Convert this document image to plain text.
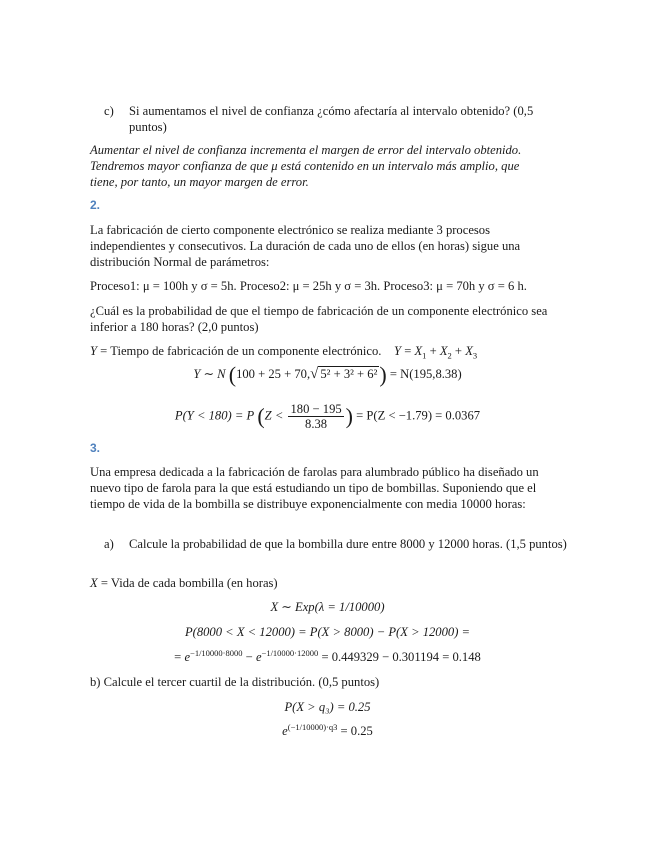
c) Si aumentamos el nivel de confianza ¿cómo afectaría al intervalo obtenido? (0,5 puntos)
Aumentar el nivel de confianza incrementa el margen de error del intervalo obtenido.
Tendremos mayor confianza de que μ está contenido en un intervalo más amplio, que
tiene, por tanto, un mayor margen de error.
2.
La fabricación de cierto componente electrónico se realiza mediante 3 procesos independientes y consecutivos. La duración de cada uno de ellos (en horas) sigue una distribución Normal de parámetros:
Proceso1: μ = 100h y σ = 5h. Proceso2: μ = 25h y σ = 3h. Proceso3: μ = 70h y σ = 6 h.
¿Cuál es la probabilidad de que el tiempo de fabricación de un componente electrónico sea inferior a 180 horas? (2,0 puntos)
Y = Tiempo de fabricación de un componente electrónico. $Y = X_1 + X_2 + X_3$
Y ∼ N (100 + 25 + 70,√ 5² + 3² + 6²) = N(195,8.38)
P(Y < 180) = P ($Z < \frac{180 - 195}{8.38}$ ) = P(Z < −1.79) = 0.0367
3.
Una empresa dedicada a la fabricación de farolas para alumbrado público ha diseñado un nuevo tipo de farola para la que está estudiando un tipo de bombillas. Suponiendo que el tiempo de vida de la bombilla se distribuye exponencialmente con media 10000 horas:
a) Calcule la probabilidad de que la bombilla dure entre 8000 y 12000 horas. (1,5 puntos)
X = Vida de cada bombilla (en horas)
X ∼ Exp(λ = 1/10000)
P(8000 < X < 12000) = P(X > 8000) − P(X > 12000) =
= $e^{-1/10000\cdot 8000} - e^{-1/10000\cdot 12000} = 0.449329 - 0.301194 = 0.148$
b) Calcule el tercer cuartil de la distribución. (0,5 puntos)
P(X > q₃) = 0.25
$e^{(-1/10000)\cdot q3} = 0.25$
